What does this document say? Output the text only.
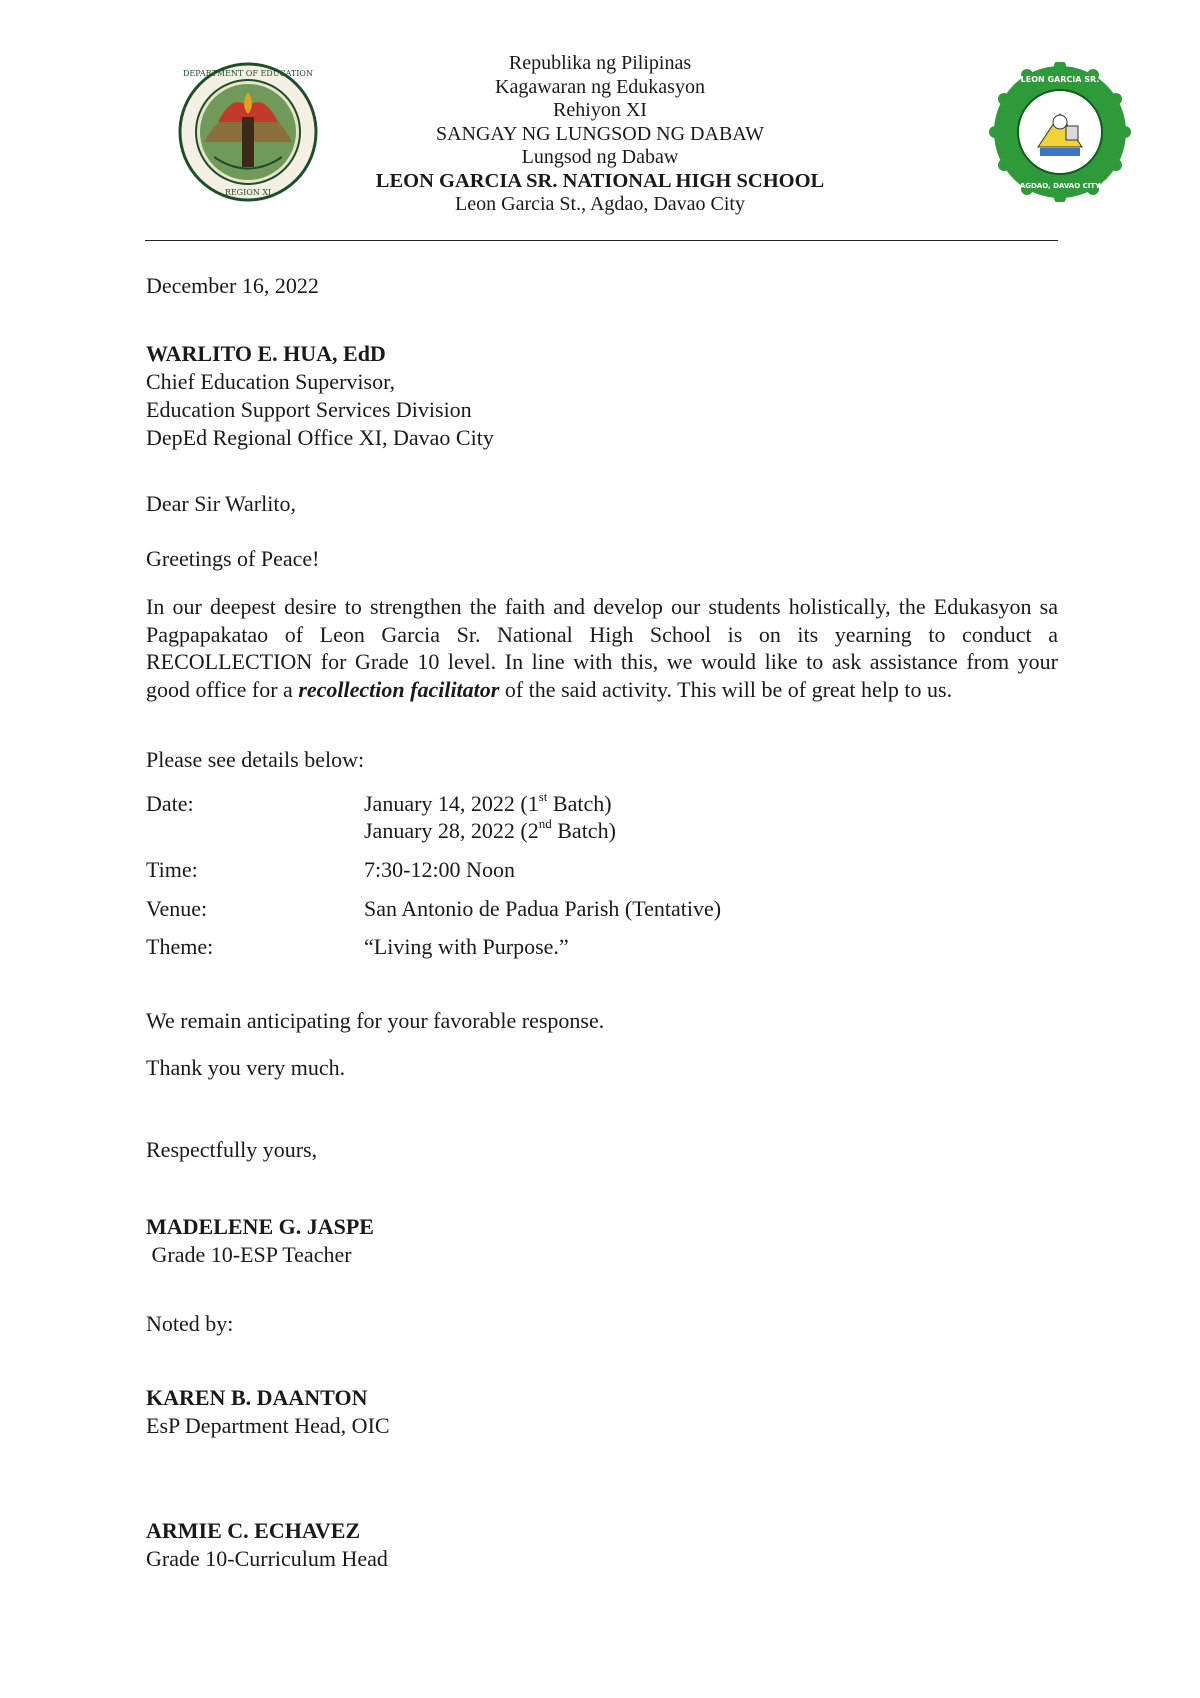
DEPARTMENT OF EDUCATION
REGION XI
LEON GARCIA SR.
AGDAO, DAVAO CITY
Republika ng Pilipinas
Kagawaran ng Edukasyon
Rehiyon XI
SANGAY NG LUNGSOD NG DABAW
Lungsod ng Dabaw
LEON GARCIA SR. NATIONAL HIGH SCHOOL
Leon Garcia St., Agdao, Davao City
December 16, 2022
WARLITO E. HUA, EdD
Chief Education Supervisor,
Education Support Services Division
DepEd Regional Office XI, Davao City
Dear Sir Warlito,
Greetings of Peace!
In our deepest desire to strengthen the faith and develop our students holistically, the Edukasyon sa Pagpapakatao of Leon Garcia Sr. National High School is on its yearning to conduct a RECOLLECTION for Grade 10 level. In line with this, we would like to ask assistance from your good office for a recollection facilitator of the said activity. This will be of great help to us.
Please see details below:
Date:	January 14, 2022 (1st Batch)
January 28, 2022 (2nd Batch)
Time:	7:30-12:00 Noon
Venue:	San Antonio de Padua Parish (Tentative)
Theme:	“Living with Purpose.”
We remain anticipating for your favorable response.
Thank you very much.
Respectfully yours,
MADELENE G. JASPE
Grade 10-ESP Teacher
Noted by:
KAREN B. DAANTON
EsP Department Head, OIC
ARMIE C. ECHAVEZ
Grade 10-Curriculum Head
